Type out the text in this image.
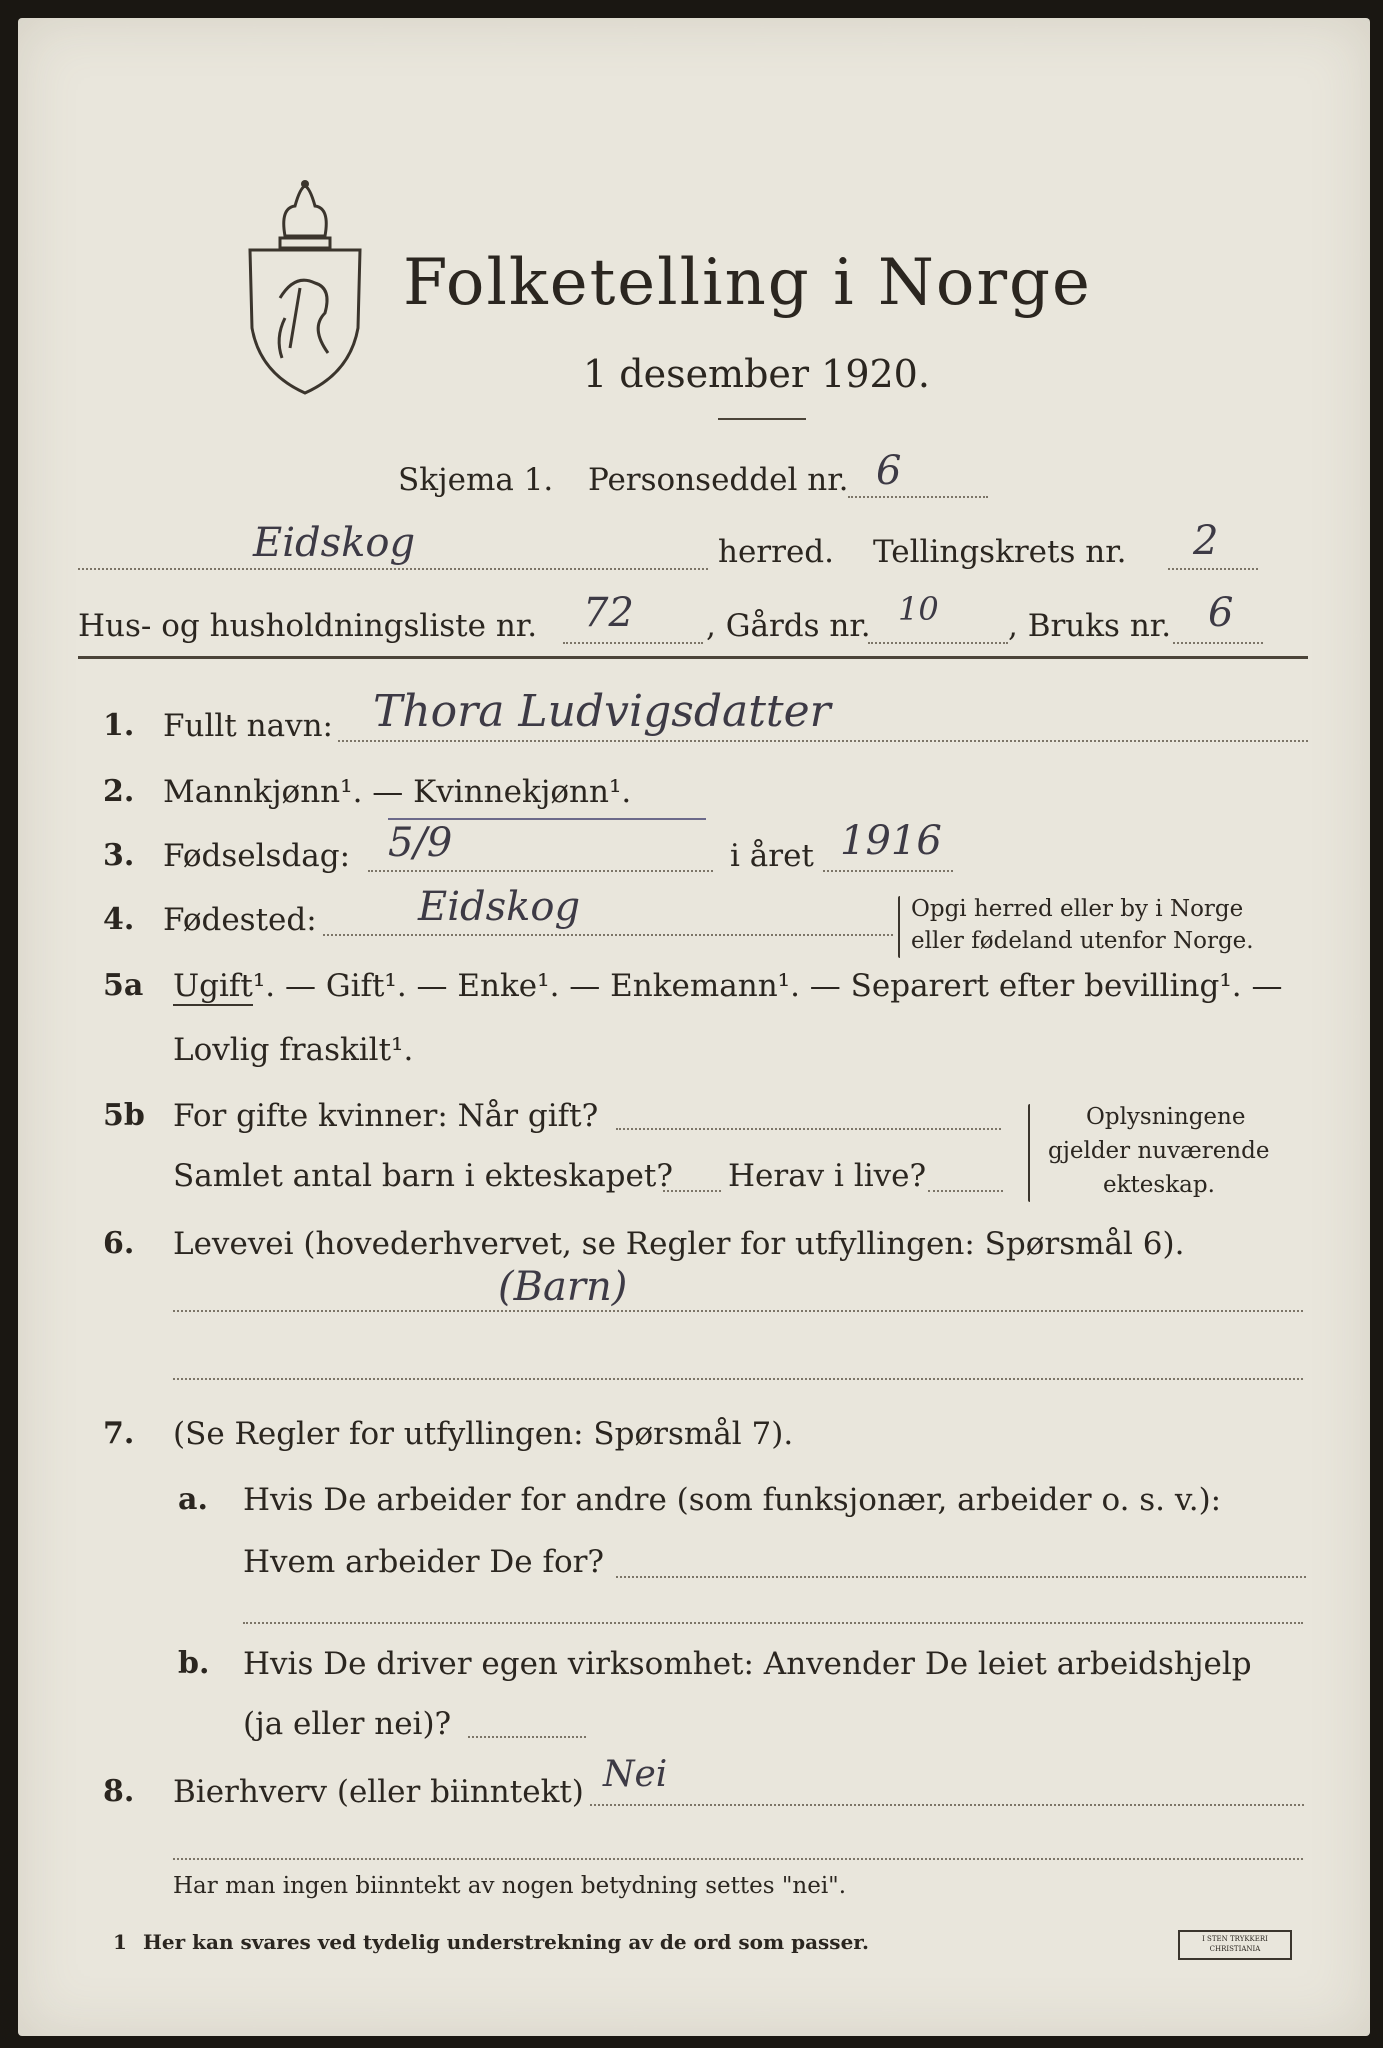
Folketelling i Norge
1 desember 1920.
Skjema 1. Personseddel nr. 6
Eidskog	herred. Tellingskrets nr. 2
Hus- og husholdningsliste nr. 72 , Gårds nr. 10 , Bruks nr. 6
1. Fullt navn: Thora Ludvigsdatter
2. Mannkjønn¹. — Kvinnekjønn¹.
3. Fødselsdag: 5/9	i året 1916
4. Fødested:	Eidskog	Opgi herred eller by i Norge
eller fødeland utenfor Norge.
5a Ugift¹. — Gift¹. — Enke¹. — Enkemann¹. — Separert efter bevilling¹. —
Lovlig fraskilt¹.
5b For gifte kvinner: Når gift?
Samlet antal barn i ekteskapet? Herav i live?
Oplysningene
gjelder nuværende
ekteskap.
6. Levevei (hovederhvervet, se Regler for utfyllingen: Spørsmål 6).
(Barn)
7. (Se Regler for utfyllingen: Spørsmål 7).
a. Hvis De arbeider for andre (som funksjonær, arbeider o. s. v.):
Hvem arbeider De for?
b. Hvis De driver egen virksomhet: Anvender De leiet arbeidshjelp
(ja eller nei)?
8. Bierhverv (eller biinntekt) Nei
Har man ingen biinntekt av nogen betydning settes "nei".
1 Her kan svares ved tydelig understrekning av de ord som passer.	I STEN TRYKKERI
CHRISTIANIA
